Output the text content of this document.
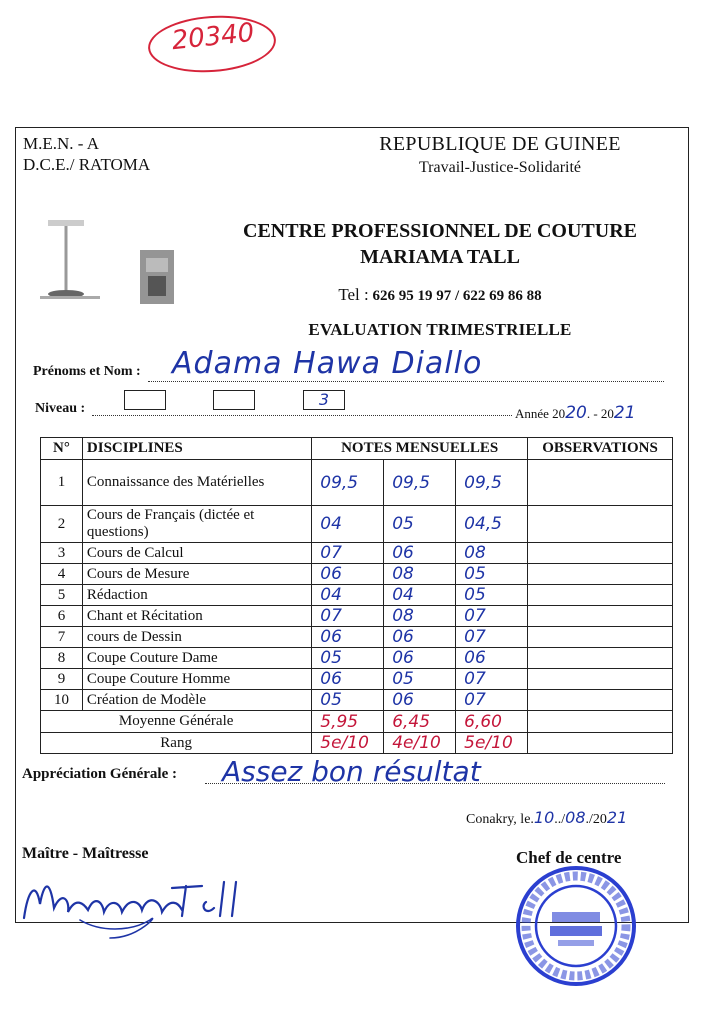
20340
M.E.N. - A
D.C.E./ RATOMA
REPUBLIQUE DE GUINEE
Travail-Justice-Solidarité
CENTRE PROFESSIONNEL DE COUTURE
MARIAMA TALL
Tel : 626 95 19 97 / 622 69 86 88
EVALUATION TRIMESTRIELLE
Prénoms et Nom : Adama Hawa Diallo
Niveau :	3
Année 2020. - 2021
N°	DISCIPLINES	NOTES MENSUELLES			OBSERVATIONS
1	Connaissance des Matérielles	09,5	09,5	09,5	
2	Cours de Français (dictée et questions)	04	05	04,5	
3	Cours de Calcul	07	06	08	
4	Cours de Mesure	06	08	05	
5	Rédaction	04	04	05	
6	Chant et Récitation	07	08	07	
7	cours de Dessin	06	06	07	
8	Coupe Couture Dame	05	06	06	
9	Coupe Couture Homme	06	05	07	
10	Création de Modèle	05	06	07	
Moyenne Générale		5,95	6,45	6,60	
Rang		5e/10	4e/10	5e/10	
Appréciation Générale : Assez bon résultat
Conakry, le.10../08./2021
Maître - Maîtresse	Chef de centre
